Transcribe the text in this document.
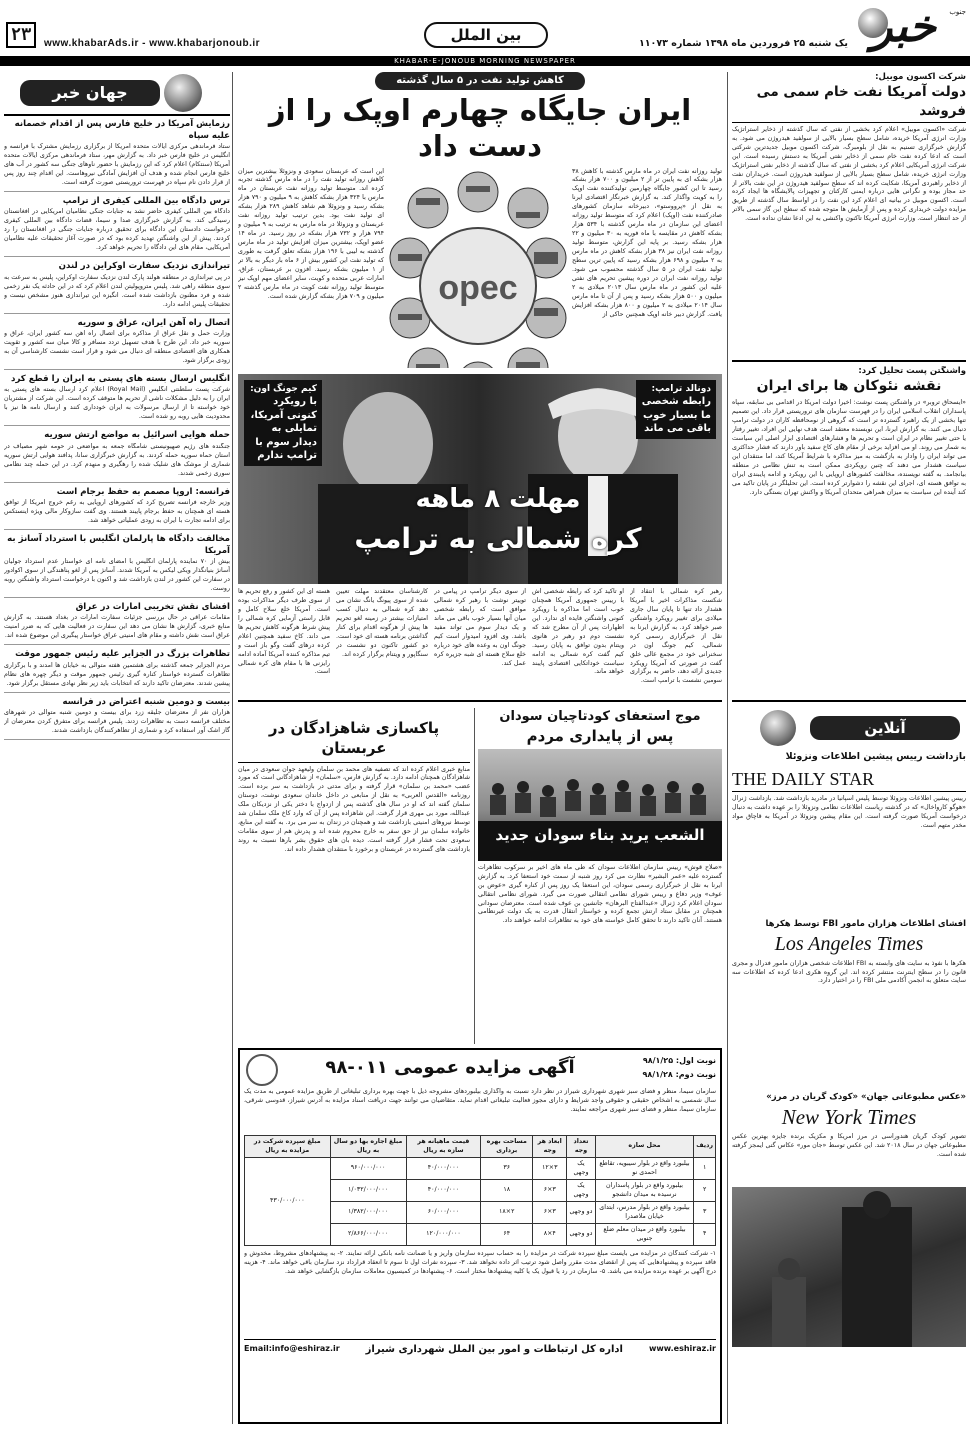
۲۳	www.khabarAds.ir - www.khabarjonoub.ir	بین الملل	یک شنبه ۲۵ فروردین ماه ۱۳۹۸ شماره ۱۱۰۷۳ خبر جنوب
KHABAR-E-JONOUB MORNING NEWSPAPER
جهان خبر
رزمایش آمریکا در خلیج فارس پس از اقدام خصمانه علیه سپاه
ستاد فرماندهی مرکزی ایالات متحده آمریکا از برگزاری رزمایش مشترک با فرانسه و انگلیس در خلیج فارس خبر داد. به گزارش مهر، ستاد فرماندهی مرکزی ایالات متحده آمریکا (سنتکام) اعلام کرد که این رزمایش با حضور ناوهای جنگی سه کشور در آب های خلیج فارس انجام شده و هدف آن افزایش آمادگی نیروهاست. این اقدام چند روز پس از قرار دادن نام سپاه در فهرست تروریستی صورت گرفته است.
ترس دادگاه بین المللی کیفری از ترامپ
دادگاه بین المللی کیفری حاضر نشد به جنایات جنگی نظامیان آمریکایی در افغانستان رسیدگی کند. به گزارش خبرگزاری صدا و سیما، قضات دادگاه بین المللی کیفری درخواست دادستان این دادگاه برای تحقیق درباره جنایات جنگی در افغانستان را رد کردند. پیش از این واشنگتن تهدید کرده بود که در صورت آغاز تحقیقات علیه نظامیان آمریکایی، مقام های این دادگاه را تحریم خواهد کرد.
تیراندازی نزدیک سفارت اوکراین در لندن
در پی تیراندازی در منطقه هولند پارک لندن نزدیک سفارت اوکراین، پلیس به سرعت به سوی منطقه راهی شد. پلیس متروپولیتن لندن اعلام کرد که در این حادثه یک نفر زخمی شده و فرد مظنون بازداشت شده است. انگیزه این تیراندازی هنوز مشخص نیست و تحقیقات پلیس ادامه دارد.
اتصال راه آهن ایران، عراق و سوریه
وزارت حمل و نقل عراق از مذاکره برای اتصال راه آهن سه کشور ایران، عراق و سوریه خبر داد. این طرح با هدف تسهیل تردد مسافر و کالا میان سه کشور و تقویت همکاری های اقتصادی منطقه ای دنبال می شود و قرار است نشست کارشناسی آن به زودی برگزار شود.
انگلیس ارسال بسته های پستی به ایران را قطع کرد
شرکت پست سلطنتی انگلیس (Royal Mail) اعلام کرد ارسال بسته های پستی به ایران را به دلیل مشکلات ناشی از تحریم ها متوقف کرده است. این شرکت از مشتریان خود خواسته تا از ارسال مرسولات به ایران خودداری کنند و ارسال نامه ها نیز با محدودیت هایی روبه رو شده است.
حمله هوایی اسرائیل به مواضع ارتش سوریه
جنگنده های رژیم صهیونیستی شامگاه جمعه به مواضعی در حومه شهر مصیاف در استان حماه سوریه حمله کردند. به گزارش خبرگزاری سانا، پدافند هوایی ارتش سوریه شماری از موشک های شلیک شده را رهگیری و منهدم کرد. در این حمله چند نظامی سوری زخمی شدند.
فرانسه: اروپا مصمم به حفظ برجام است
وزیر خارجه فرانسه تصریح کرد که کشورهای اروپایی به رغم خروج آمریکا از توافق هسته ای همچنان به حفظ برجام پایبند هستند. وی گفت سازوکار مالی ویژه اینستکس برای ادامه تجارت با ایران به زودی عملیاتی خواهد شد.
مخالفت دادگاه ها پارلمان انگلیس با استرداد آسانژ به آمریکا
بیش از ۷۰ نماینده پارلمان انگلیس با امضای نامه ای خواستار عدم استرداد جولیان آسانژ بنیانگذار ویکی لیکس به آمریکا شدند. آسانژ پس از لغو پناهندگی از سوی اکوادور در سفارت این کشور در لندن بازداشت شد و اکنون با درخواست استرداد واشنگتن روبه روست.
افشای نقش تخریبی امارات در عراق
مقامات عراقی در حال بررسی جزئیات سفارت امارات در بغداد هستند. به گزارش منابع خبری، گزارش ها نشان می دهد این سفارت در فعالیت هایی که به ضرر امنیت عراق است نقش داشته و مقام های امنیتی عراق خواستار پیگیری این موضوع شده اند.
تظاهرات بزرگ در الجزایر علیه رئیس جمهور موقت
مردم الجزایر جمعه گذشته برای هشتمین هفته متوالی به خیابان ها آمدند و با برگزاری تظاهرات گسترده خواستار کناره گیری رئیس جمهور موقت و دیگر چهره های نظام پیشین شدند. معترضان تاکید دارند که انتخابات باید زیر نظر نهادی مستقل برگزار شود.
بیست و دومین شنبه اعتراض در فرانسه
هزاران نفر از معترضان جلیقه زرد برای بیست و دومین شنبه متوالی در شهرهای مختلف فرانسه دست به تظاهرات زدند. پلیس فرانسه برای متفرق کردن معترضان از گاز اشک آور استفاده کرد و شماری از تظاهرکنندگان بازداشت شدند.
کاهش تولید نفت در ۵ سال گذشته
ایران جایگاه چهارم اوپک را از دست داد
تولید روزانه نفت ایران در ماه مارس گذشته با کاهش ۳۸ هزار بشکه ای به پایین تر از ۲ میلیون و ۷۰۰ هزار بشکه رسید تا این کشور جایگاه چهارمین تولیدکننده نفت اوپک را به کویت واگذار کند. به گزارش خبرنگار اقتصادی ایرنا به نقل از «پرووستو»، دبیرخانه سازمان کشورهای صادرکننده نفت (اوپک) اعلام کرد که متوسط تولید روزانه اعضای این سازمان در ماه مارس گذشته با ۵۳۴ هزار بشکه کاهش در مقایسه با ماه فوریه به ۳۰ میلیون و ۲۲ هزار بشکه رسید. بر پایه این گزارش، متوسط تولید روزانه نفت ایران نیز ۳۸ هزار بشکه کاهش در ماه مارس به ۲ میلیون و ۶۹۸ هزار بشکه رسید که پایین ترین سطح تولید نفت ایران در ۵ سال گذشته محسوب می شود. تولید روزانه نفت ایران در دوره پیشین تحریم های نفتی علیه این کشور در ماه مارس سال ۲۰۱۳ میلادی به ۲ میلیون و ۵۰۰ هزار بشکه رسید و پس از آن تا ماه مارس سال ۲۰۱۴ میلادی به ۲ میلیون و ۸۰۰ هزار بشکه افزایش یافت. گزارش دبیر خانه اوپک همچنین حاکی از
opec
این است که عربستان سعودی و ونزوئلا بیشترین میزان کاهش روزانه تولید نفت را در ماه مارس گذشته تجربه کرده اند. متوسط تولید روزانه نفت عربستان در ماه مارس با ۳۲۴ هزار بشکه کاهش به ۹ میلیون و ۷۹۰ هزار بشکه رسید و ونزوئلا هم شاهد کاهش ۲۸۹ هزار بشکه ای تولید نفت بود. بدین ترتیب تولید روزانه نفت عربستان و ونزوئلا در ماه مارس به ترتیب به ۹ میلیون و ۷۹۴ هزار و ۷۳۲ هزار بشکه در روز رسید. در ماه ۱۴ عضو اوپک، بیشترین میزان افزایش تولید در ماه مارس گذشته به لیبی با ۱۹۶ هزار بشکه تعلق گرفت به طوری که تولید نفت این کشور بیش از ۶ ماه بار دیگر به بالا تر از ۱ میلیون بشکه رسید. افزون بر عربستان، عراق، امارات عربی متحده و کویت، سایر اعضای مهم اوپک نیز متوسط تولید روزانه نفت کویت در ماه مارس گذشته ۲ میلیون و ۷۰۹ هزار بشکه گزارش شده است.
شرکت اکسون موبیل:
دولت آمریکا نفت خام سمی می فروشد
شرکت «اکسون موبیل» اعلام کرد بخشی از نفتی که سال گذشته از ذخایر استراتژیک وزارت انرژی آمریکا خریده، شامل سطح بسیار بالایی از سولفید هیدروژن می شود. به گزارش خبرگزاری تسنیم به نقل از بلومبرگ، شرکت اکسون موبیل جدیدترین شرکتی است که ادعا کرده نفت خام سمی از ذخایر نفتی آمریکا به دستش رسیده است. این شرکت انرژی آمریکایی اعلام کرد بخشی از نفتی که سال گذشته از ذخایر نفتی استراتژیک وزارت انرژی خریده، شامل سطح بسیار بالایی از سولفید هیدروژن است. خریداران نفت از ذخایر راهبردی آمریکا، شکایت کرده اند که سطح سولفید هیدروژن در این نفت بالاتر از حد مجاز بوده و نگرانی هایی درباره ایمنی کارکنان و تجهیزات پالایشگاه ها ایجاد کرده است. اکسون موبیل در بیانیه ای اعلام کرد این نفت را در اواسط سال گذشته از طریق مزایده دولت خریداری کرده و پس از آزمایش ها متوجه شده که سطح این گاز سمی بالاتر از حد انتظار است. وزارت انرژی آمریکا تاکنون واکنشی به این ادعا نشان نداده است.
واشنگتن پست تحلیل کرد:
نقشه نئوکان ها برای ایران
«ایسحاق تروبر» در واشنگتن پست نوشت: اخیرا دولت آمریکا در اقدامی بی سابقه، سپاه پاسداران انقلاب اسلامی ایران را در فهرست سازمان های تروریستی قرار داد. این تصمیم تنها بخشی از یک راهبرد گسترده تر است که گروهی از نومحافظه کاران در دولت ترامپ دنبال می کنند. به گزارش ایرنا، این نویسنده معتقد است هدف نهایی این افراد، تغییر رفتار یا حتی تغییر نظام در ایران است و تحریم ها و فشارهای اقتصادی ابزار اصلی این سیاست به شمار می روند. او می افزاید برخی از مقام های کاخ سفید باور دارند که فشار حداکثری می تواند ایران را وادار به بازگشت به میز مذاکره با شرایط آمریکا کند، اما منتقدان این سیاست هشدار می دهند که چنین رویکردی ممکن است به تنش نظامی در منطقه بیانجامد. به گفته نویسنده، مخالفت کشورهای اروپایی با این رویکرد و ادامه پایبندی ایران به توافق هسته ای، اجرای این نقشه را دشوارتر کرده است. این تحلیلگر در پایان تاکید می کند آینده این سیاست به میزان همراهی متحدان آمریکا و واکنش تهران بستگی دارد.
آنلاین
بازداشت رییس پیشین اطلاعات ونزوئلا
THE DAILY STAR
رییس پیشین اطلاعات ونزوئلا توسط پلیس اسپانیا در مادرید بازداشت شد. بازداشت ژنرال «هوگو کارواخال» که در گذشته ریاست اطلاعات نظامی ونزوئلا را بر عهده داشت به دنبال درخواست آمریکا صورت گرفته است. این مقام پیشین ونزوئلا در آمریکا به قاچاق مواد مخدر متهم است.
افشای اطلاعات هزاران مامور FBI توسط هکرها
Los Angeles Times
هکرها با نفوذ به سایت های وابسته به FBI اطلاعات شخصی هزاران مامور فدرال و مجری قانون را در سطح اینترنت منتشر کرده اند. این گروه هکری ادعا کرده که اطلاعات سه سایت متعلق به انجمن آکادمی ملی FBI را در اختیار دارد.
«عکس مطبوعاتی جهان» «کودک گریان در مرز»
New York Times
تصویر کودک گریان هندوراسی در مرز آمریکا و مکزیک برنده جایزه بهترین عکس مطبوعاتی جهان در سال ۲۰۱۸ شد. این عکس توسط «جان مور» عکاس گتی ایمجز گرفته شده است.
دونالد ترامپ:
رابطه شخصی ما بسیار خوب باقی می ماند
کیم جونگ اون:
با رویکرد کنونی آمریکا، تمایلی به دیدار سوم با ترامپ ندارم
مهلت ۸ ماهه
کره شمالی به ترامپ
رهبر کره شمالی با انتقاد از شکست مذاکرات اخیر با آمریکا هشدار داد تنها تا پایان سال جاری میلادی برای تغییر رویکرد واشنگتن صبر خواهد کرد. به گزارش ایرنا به نقل از خبرگزاری رسمی کره شمالی، کیم جونگ اون در سخنرانی خود در مجمع عالی خلق گفت در صورتی که آمریکا رویکرد جدیدی ارائه دهد، حاضر به برگزاری سومین نشست با ترامپ است.
او تاکید کرد که رابطه شخصی اش با رییس جمهوری آمریکا همچنان خوب است اما مذاکره با رویکرد کنونی واشنگتن فایده ای ندارد. این اظهارات پس از آن مطرح شد که نشست دوم دو رهبر در هانوی ویتنام بدون توافق به پایان رسید. کیم گفت کره شمالی به ادامه سیاست خوداتکایی اقتصادی پایبند خواهد ماند.
از سوی دیگر ترامپ در پیامی در توییتر نوشت با رهبر کره شمالی موافق است که رابطه شخصی میان آنها بسیار خوب باقی می ماند و یک دیدار سوم می تواند مفید باشد. وی افزود امیدوار است کیم جونگ اون به وعده های خود درباره خلع سلاح هسته ای شبه جزیره کره عمل کند.
کارشناسان معتقدند مهلت تعیین شده از سوی پیونگ یانگ نشان می دهد کره شمالی به دنبال کسب امتیازات بیشتر در زمینه لغو تحریم ها پیش از هرگونه اقدام برای کنار گذاشتن برنامه هسته ای خود است. دو کشور تاکنون دو نشست در سنگاپور و ویتنام برگزار کرده اند.
هسته ای این کشور و رفع تحریم ها از سوی طرف دیگر مذاکرات بوده است. آمریکا خلع سلاح کامل و قابل راستی آزمایی کره شمالی را پیش شرط هرگونه کاهش تحریم ها می داند. کاخ سفید همچنین اعلام کرده درهای گفت وگو باز است و تیم مذاکره کننده آمریکا آماده ادامه رایزنی ها با مقام های کره شمالی است.
موج استعفای کودتاچیان سودان
پس از پایداری مردم
الشعب يريد بناء سودان جديد
«صلاح قوش» رییس سازمان اطلاعات سودان که طی ماه های اخیر بر سرکوب تظاهرات گسترده علیه «عمر البشیر» نظارت می کرد روز شنبه از سمت خود استعفا کرد. به گزارش ایرنا به نقل از خبرگزاری رسمی سودان، این استعفا یک روز پس از کناره گیری «عوض بن عوف» وزیر دفاع و رییس شورای نظامی انتقالی صورت می گیرد. شورای نظامی انتقالی سودان اعلام کرد ژنرال «عبدالفتاح البرهان» جانشین بن عوف شده است. معترضان سودانی همچنان در مقابل ستاد ارتش تجمع کرده و خواستار انتقال قدرت به یک دولت غیرنظامی هستند. آنان تاکید دارند تا تحقق کامل خواسته های خود به تظاهرات ادامه خواهند داد.
پاکسازی شاهزادگان در عربستان
منابع خبری اعلام کرده اند که تصفیه های محمد بن سلمان ولیعهد جوان سعودی در میان شاهزادگان همچنان ادامه دارد. به گزارش فارس، «سلمان» از شاهزادگانی است که مورد غضب «محمد بن سلمان» قرار گرفته و برای مدتی در بازداشت به سر برده است. روزنامه «القدس العربی» به نقل از منابعی در داخل خاندان سعودی نوشت، دوستان سلمان گفته اند که او در سال های گذشته پس از ازدواج با دختر یکی از نزدیکان ملک عبدالله، مورد بی مهری قرار گرفت. این شاهزاده پس از آن که وارد کاخ ملک سلمان شد توسط نیروهای امنیتی بازداشت شد و همچنان در زندان به سر می برد. به گفته این منابع، خانواده سلمان نیز از حق سفر به خارج محروم شده اند و پدرش هم از سوی مقامات سعودی تحت فشار قرار گرفته است. دیده بان های حقوق بشر بارها نسبت به روند بازداشت های گسترده در عربستان و برخورد با منتقدان هشدار داده اند.
آگهی مزایده عمومی ۰۱۱-۹۸	نوبت اول: ۹۸/۱/۲۵
نوبت دوم: ۹۸/۱/۲۸
سازمان سیما، منظر و فضای سبز شهری شهرداری شیراز در نظر دارد نسبت به واگذاری بیلبوردهای مشروحه ذیل با جهت بهره برداری تبلیغاتی از طریق مزایده عمومی به مدت یک سال شمسی به اشخاص حقیقی و حقوقی واجد شرایط و دارای مجوز فعالیت تبلیغاتی اقدام نماید. متقاضیان می توانند جهت دریافت اسناد مزایده به آدرس شیراز، قدوسی شرقی، سازمان سیما، منظر و فضای سبز شهری مراجعه نمایند.
ردیف	محل سازه	تعداد وجه	ابعاد هر وجه	مساحت بهره برداری	قیمت ماهیانه هر سازه به ریال	مبلغ اجاره بها دو سال به ریال	مبلغ سپرده شرکت در مزایده به ریال
۱	بیلبورد واقع در بلوار سیبویه، تقاطع احمدی نو	یک وجهی	۳×۱۲	۳۶	۴۰/۰۰۰/۰۰۰	۹۶۰/۰۰۰/۰۰۰	۴۳۰/۰۰۰/۰۰۰
۲	بیلبورد واقع در بلوار پاسداران نرسیده به میدان دانشجو	یک وجهی	۳×۶	۱۸	۴۰/۰۰۰/۰۰۰	۱/۰۳۲/۰۰۰/۰۰۰	
۳	بیلبورد واقع در بلوار مدرس، ابتدای خیابان ملاصدرا	دو وجهی	۳×۶	۲×۱۸	۶۰/۰۰۰/۰۰۰	۱/۳۸۲/۰۰۰/۰۰۰	
۴	بیلبورد واقع در میدان معلم ضلع جنوبی	دو وجهی	۴×۸	۶۴	۱۲۰/۰۰۰/۰۰۰	۲/۸۶۶/۰۰۰/۰۰۰	
۱- شرکت کنندگان در مزایده می بایست مبلغ سپرده شرکت در مزایده را به حساب سپرده سازمان واریز و یا ضمانت نامه بانکی ارائه نمایند. ۲- به پیشنهادهای مشروط، مخدوش و فاقد سپرده و پیشنهادهایی که پس از انقضای مدت مقرر واصل شود ترتیب اثر داده نخواهد شد. ۳- سپرده نفرات اول تا سوم تا انعقاد قرارداد نزد سازمان باقی خواهد ماند. ۴- هزینه درج آگهی بر عهده برنده مزایده می باشد. ۵- سازمان در رد یا قبول یک یا کلیه پیشنهادها مختار است. ۶- پیشنهادها در کمیسیون معاملات سازمان بازگشایی خواهد شد.
www.eshiraz.ir
اداره کل ارتباطات و امور بین الملل شهرداری شیراز
Email:info@eshiraz.ir
